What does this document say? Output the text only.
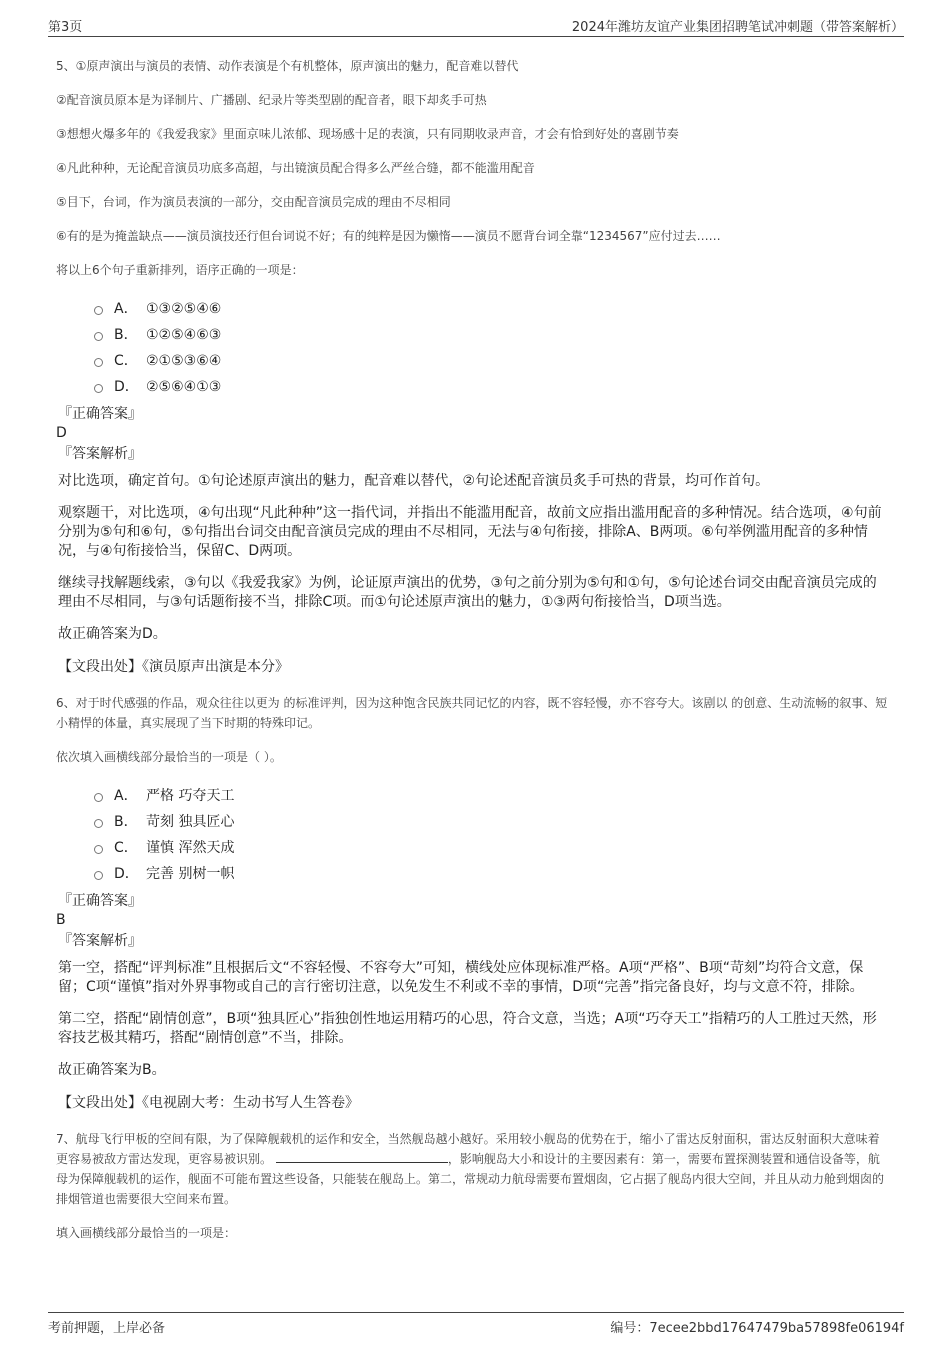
第3页	2024年潍坊友谊产业集团招聘笔试冲刺题（带答案解析）

5、①原声演出与演员的表情、动作表演是个有机整体，原声演出的魅力，配音难以替代

②配音演员原本是为译制片、广播剧、纪录片等类型剧的配音者，眼下却炙手可热

③想想火爆多年的《我爱我家》里面京味儿浓郁、现场感十足的表演，只有同期收录声音，才会有恰到好处的喜剧节奏

④凡此种种，无论配音演员功底多高超，与出镜演员配合得多么严丝合缝，都不能滥用配音

⑤目下，台词，作为演员表演的一部分，交由配音演员完成的理由不尽相同

⑥有的是为掩盖缺点——演员演技还行但台词说不好；有的纯粹是因为懒惰——演员不愿背台词全靠“1234567”应付过去……

将以上6个句子重新排列，语序正确的一项是：

A． ①③②⑤④⑥
B． ①②⑤④⑥③
C． ②①⑤③⑥④
D． ②⑤⑥④①③

『正确答案』

D

『答案解析』

对比选项，确定首句。①句论述原声演出的魅力，配音难以替代，②句论述配音演员炙手可热的背景，均可作首句。

观察题干，对比选项，④句出现“凡此种种”这一指代词，并指出不能滥用配音，故前文应指出滥用配音的多种情况。结合选项，④句前分别为⑤句和⑥句，⑤句指出台词交由配音演员完成的理由不尽相同，无法与④句衔接，排除A、B两项。⑥句举例滥用配音的多种情况，与④句衔接恰当，保留C、D两项。

继续寻找解题线索，③句以《我爱我家》为例，论证原声演出的优势，③句之前分别为⑤句和①句，⑤句论述台词交由配音演员完成的理由不尽相同，与③句话题衔接不当，排除C项。而①句论述原声演出的魅力，①③两句衔接恰当，D项当选。

故正确答案为D。

【文段出处】《演员原声出演是本分》

6、对于时代感强的作品，观众往往以更为 的标准评判，因为这种饱含民族共同记忆的内容，既不容轻慢，亦不容夸大。该剧以 的创意、生动流畅的叙事、短小精悍的体量，真实展现了当下时期的特殊印记。

依次填入画横线部分最恰当的一项是（ ）。

A． 严格 巧夺天工
B． 苛刻 独具匠心
C． 谨慎 浑然天成
D． 完善 别树一帜

『正确答案』

B

『答案解析』

第一空，搭配“评判标准”且根据后文“不容轻慢、不容夸大”可知，横线处应体现标准严格。A项“严格”、B项“苛刻”均符合文意，保留；C项“谨慎”指对外界事物或自己的言行密切注意，以免发生不利或不幸的事情，D项“完善”指完备良好，均与文意不符，排除。

第二空，搭配“剧情创意”，B项“独具匠心”指独创性地运用精巧的心思，符合文意，当选；A项“巧夺天工”指精巧的人工胜过天然，形容技艺极其精巧，搭配“剧情创意”不当，排除。

故正确答案为B。

【文段出处】《电视剧大考：生动书写人生答卷》

7、航母飞行甲板的空间有限，为了保障舰载机的运作和安全，当然舰岛越小越好。采用较小舰岛的优势在于，缩小了雷达反射面积，雷达反射面积大意味着更容易被敌方雷达发现，更容易被识别。	，影响舰岛大小和设计的主要因素有：第一，需要布置探测装置和通信设备等，航母为保障舰载机的运作，舰面不可能布置这些设备，只能装在舰岛上。第二，常规动力航母需要布置烟囱，它占据了舰岛内很大空间，并且从动力舱到烟囱的排烟管道也需要很大空间来布置。

填入画横线部分最恰当的一项是：

考前押题，上岸必备	编号：7ecee2bbd17647479ba57898fe06194f
